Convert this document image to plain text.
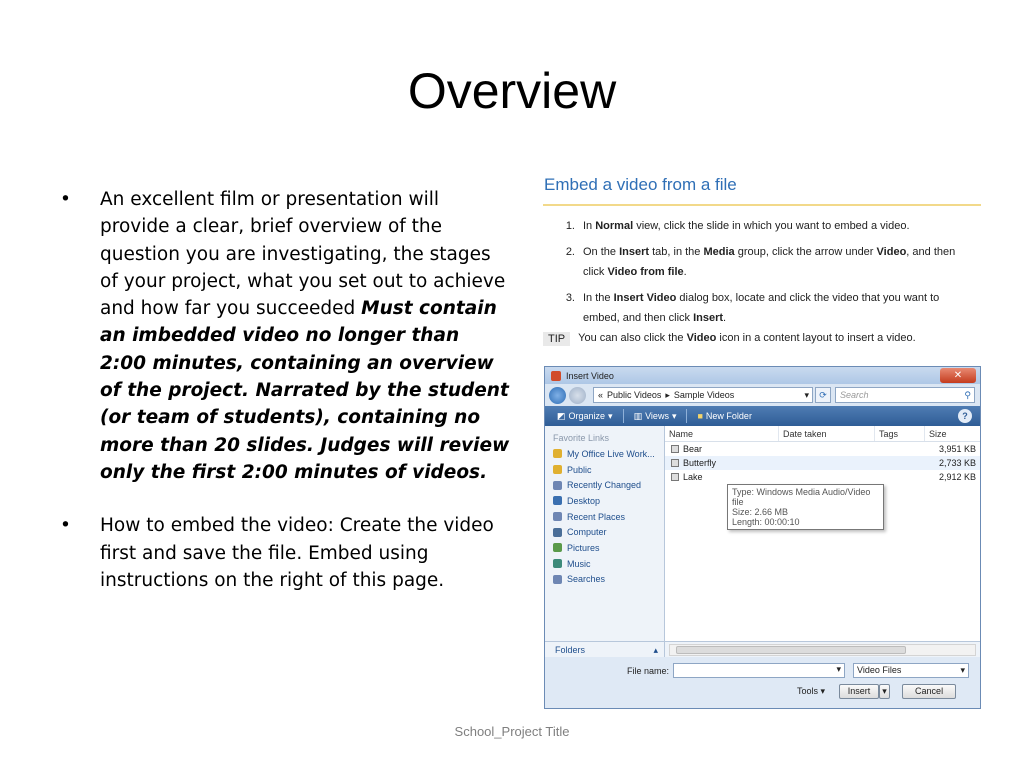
Overview
• An excellent film or presentation will provide a clear, brief overview of the question you are investigating, the stages of your project, what you set out to achieve and how far you succeeded Must contain an imbedded video no longer than 2:00 minutes, containing an overview of the project. Narrated by the student (or team of students), containing no more than 20 slides. Judges will review only the first 2:00 minutes of videos.
• How to embed the video: Create the video first and save the file. Embed using instructions on the right of this page.
Embed a video from a file
1. In Normal view, click the slide in which you want to embed a video.
2. On the Insert tab, in the Media group, click the arrow under Video, and then click Video from file.
3. In the Insert Video dialog box, locate and click the video that you want to embed, and then click Insert.
TIP	You can also click the Video icon in a content layout to insert a video.
Insert Video	✕
« Public Videos ▸ Sample Videos	▾	⟳	Search	⚲
◩ Organize ▾ ▥ Views ▾ ■ New Folder	?
Favorite Links
My Office Live Work...
Public
Recently Changed
Desktop
Recent Places
Computer
Pictures
Music
Searches
Name	Date taken	Tags	Size
Bear	3,951 KB
Butterfly	2,733 KB
Lake	2,912 KB
Type: Windows Media Audio/Video file
Size: 2.66 MB
Length: 00:00:10
Folders	▴
File name:	▾	Video Files	▾
Tools ▾	Insert	▾	Cancel
School_Project Title
